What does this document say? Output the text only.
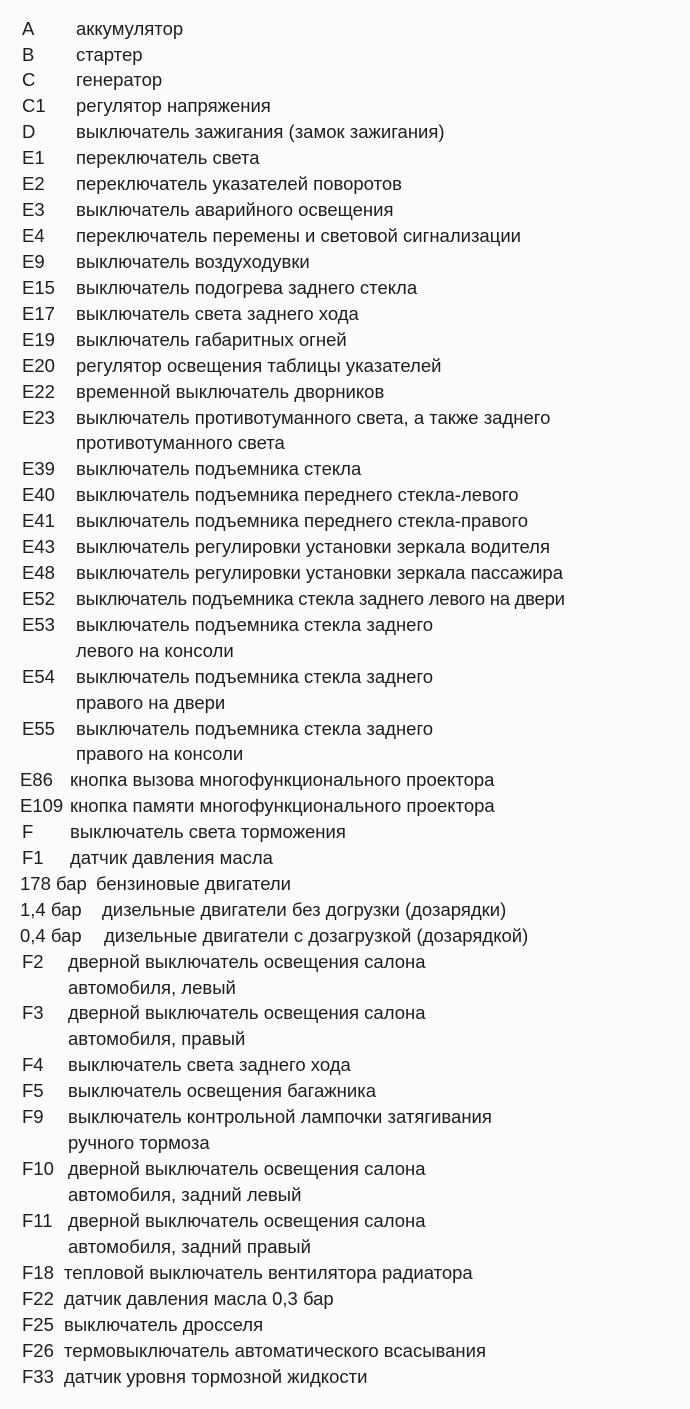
A аккумулятор
B стартер
C генератор
C1 регулятор напряжения
D выключатель зажигания (замок зажигания)
E1 переключатель света
E2 переключатель указателей поворотов
E3 выключатель аварийного освещения
E4 переключатель перемены и световой сигнализации
E9 выключатель воздуходувки
E15 выключатель подогрева заднего стекла
E17 выключатель света заднего хода
E19 выключатель габаритных огней
E20 регулятор освещения таблицы указателей
E22 временной выключатель дворников
E23 выключатель противотуманного света, а также заднего
противотуманного света
E39 выключатель подъемника стекла
E40 выключатель подъемника переднего стекла-левого
E41 выключатель подъемника переднего стекла-правого
E43 выключатель регулировки установки зеркала водителя
E48 выключатель регулировки установки зеркала пассажира
E52 выключатель подъемника стекла заднего левого на двери
E53 выключатель подъемника стекла заднего
левого на консоли
E54 выключатель подъемника стекла заднего
правого на двери
E55 выключатель подъемника стекла заднего
правого на консоли
E86 кнопка вызова многофункционального проектора
E109 кнопка памяти многофункционального проектора
F выключатель света торможения
F1 датчик давления масла
178 бар бензиновые двигатели
1,4 бар дизельные двигатели без догрузки (дозарядки)
0,4 бар дизельные двигатели с дозагрузкой (дозарядкой)
F2 дверной выключатель освещения салона
автомобиля, левый
F3 дверной выключатель освещения салона
автомобиля, правый
F4 выключатель света заднего хода
F5 выключатель освещения багажника
F9 выключатель контрольной лампочки затягивания
ручного тормоза
F10 дверной выключатель освещения салона
автомобиля, задний левый
F11 дверной выключатель освещения салона
автомобиля, задний правый
F18 тепловой выключатель вентилятора радиатора
F22 датчик давления масла 0,3 бар
F25 выключатель дросселя
F26 термовыключатель автоматического всасывания
F33 датчик уровня тормозной жидкости
